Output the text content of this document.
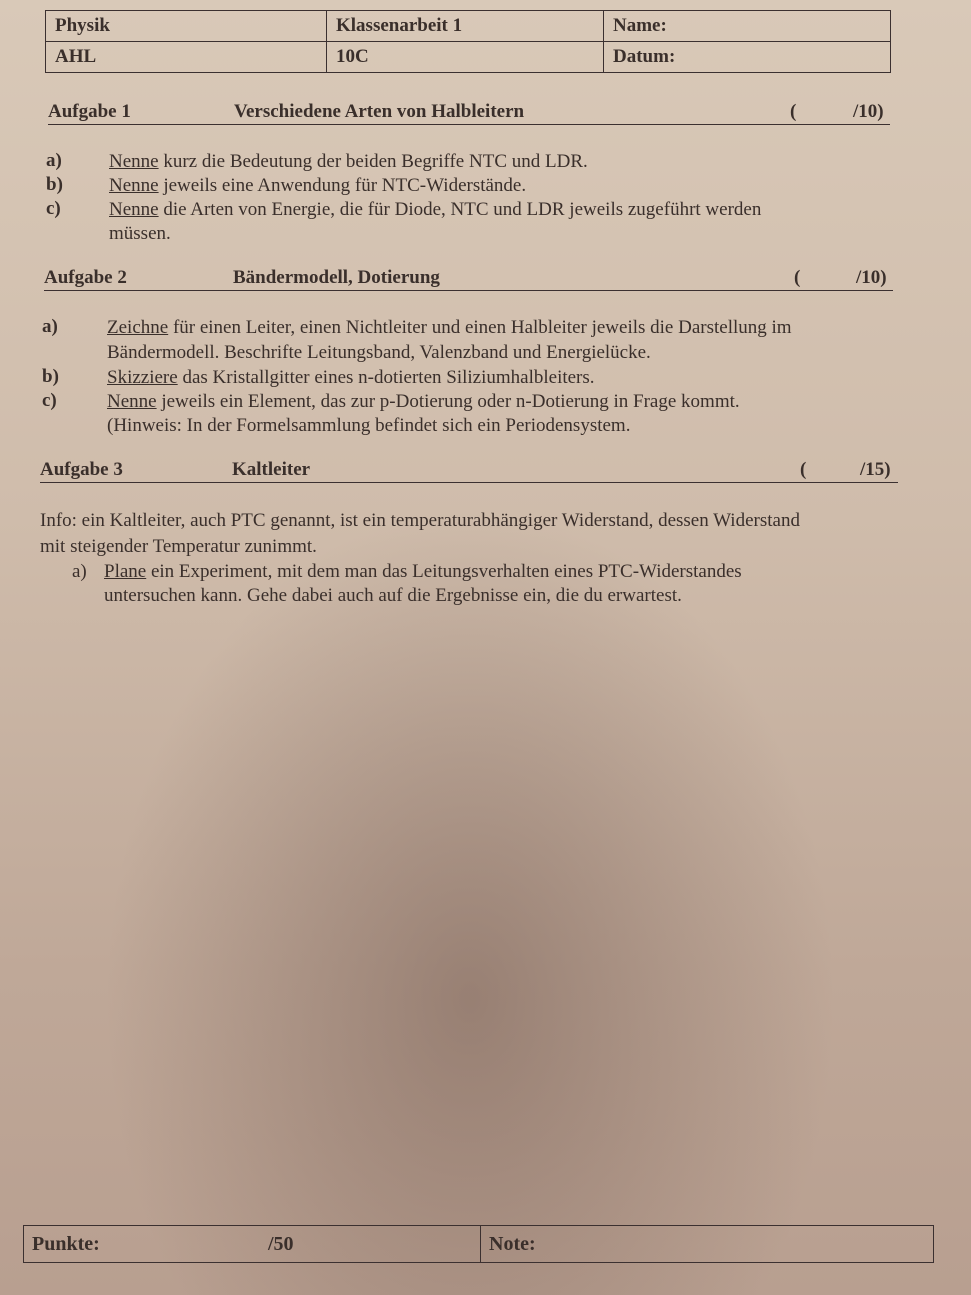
Physik	Klassenarbeit 1	Name:
AHL	10C	Datum:
Aufgabe 1	Verschiedene Arten von Halbleitern	(	/10)
a) Nenne kurz die Bedeutung der beiden Begriffe NTC und LDR.
b) Nenne jeweils eine Anwendung für NTC-Widerstände.
c)	Nenne die Arten von Energie, die für Diode, NTC und LDR jeweils zugeführt werden
müssen.
Aufgabe 2	Bändermodell, Dotierung	(	/10)
a)	Zeichne für einen Leiter, einen Nichtleiter und einen Halbleiter jeweils die Darstellung im
Bändermodell. Beschrifte Leitungsband, Valenzband und Energielücke.
b)	Skizziere das Kristallgitter eines n-dotierten Siliziumhalbleiters.
c)	Nenne jeweils ein Element, das zur p-Dotierung oder n-Dotierung in Frage kommt.
(Hinweis: In der Formelsammlung befindet sich ein Periodensystem.
Aufgabe 3	Kaltleiter	(	/15)
Info: ein Kaltleiter, auch PTC genannt, ist ein temperaturabhängiger Widerstand, dessen Widerstand
mit steigender Temperatur zunimmt.
a) Plane ein Experiment, mit dem man das Leitungsverhalten eines PTC-Widerstandes
untersuchen kann. Gehe dabei auch auf die Ergebnisse ein, die du erwartest.
Punkte:	/50	Note:
